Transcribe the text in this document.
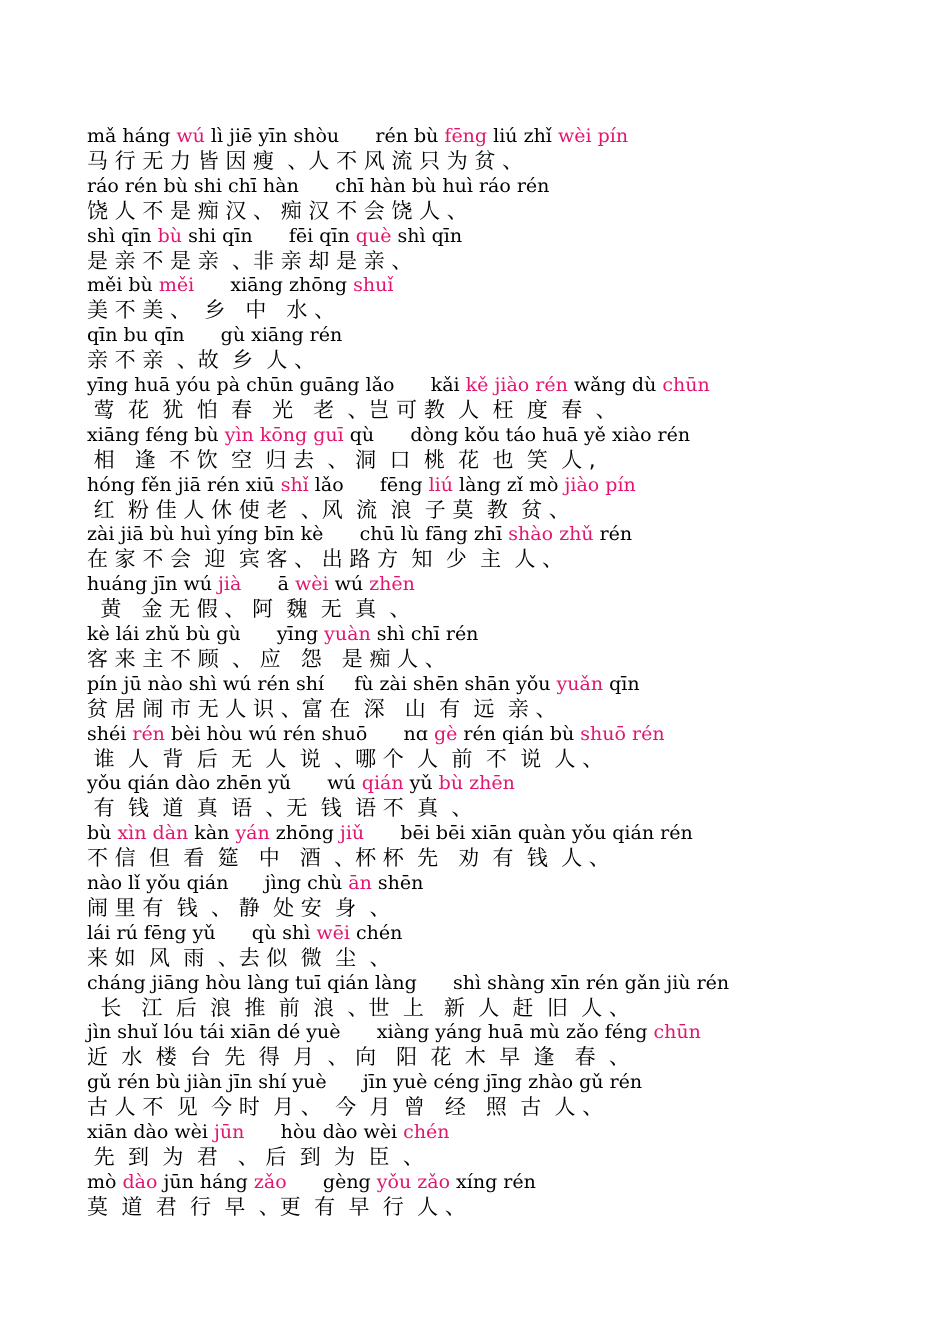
mǎ háng wú lì jiē yīn shòu      rén bù fēng liú zhǐ wèi pín
马 行 无 力 皆 因 瘦  、人 不 风 流 只 为 贫 、
ráo rén bù shi chī hàn      chī hàn bù huì ráo rén
饶 人 不 是 痴 汉 、 痴 汉 不 会 饶 人 、
shì qīn bù shi qīn      fēi qīn què shì qīn
是 亲 不 是 亲  、非 亲 却 是 亲 、
měi bù měi      xiāng zhōng shuǐ
美 不 美 、  乡   中   水 、
qīn bu qīn      gù xiāng rén
亲 不 亲  、故  乡  人 、
yīng huā yóu pà chūn guāng lǎo      kǎi kě jiào rén wǎng dù chūn
莺  花  犹  怕  春   光   老  、岂 可 教  人  枉  度  春  、
xiāng féng bù yìn kōng guī qù      dòng kǒu táo huā yě xiào rén
相   逢  不 饮  空  归 去  、 洞  口  桃  花  也  笑  人 ,
hóng fěn jiā rén xiū shǐ lǎo      fēng liú làng zǐ mò jiào pín
红  粉 佳 人 休 使 老  、风  流  浪  子 莫  教  贫 、
zài jiā bù huì yíng bīn kè      chū lù fāng zhī shào zhǔ rén
在 家 不 会  迎  宾 客 、 出 路 方  知  少  主  人 、
huáng jīn wú jià      ā wèi wú zhēn
黄   金 无 假 、 阿  魏  无  真  、
kè lái zhǔ bù gù      yīng yuàn shì chī rén
客 来 主 不 顾  、 应   怨   是 痴 人 、
pín jū nào shì wú rén shí     fù zài shēn shān yǒu yuǎn qīn
贫 居 闹 市 无 人 识 、富 在  深   山  有  远  亲 、
shéi rén bèi hòu wú rén shuō      nɑ gè rén qián bù shuō rén
谁  人  背  后  无  人  说  、哪 个  人  前  不  说  人 、
yǒu qián dào zhēn yǔ      wú qián yǔ bù zhēn
有  钱  道  真  语  、无  钱  语 不  真  、
bù xìn dàn kàn yán zhōng jiǔ      bēi bēi xiān quàn yǒu qián rén
不 信  但  看  筵   中   酒  、杯 杯  先   劝  有  钱  人 、
nào lǐ yǒu qián      jìng chù ān shēn
闹 里 有  钱  、 静  处 安  身  、
lái rú fēng yǔ      qù shì wēi chén
来 如  风  雨  、去 似  微  尘  、
cháng jiāng hòu làng tuī qián làng      shì shàng xīn rén gǎn jiù rén
长   江  后  浪  推  前  浪  、世  上   新  人  赶  旧  人 、
jìn shuǐ lóu tái xiān dé yuè      xiàng yáng huā mù zǎo féng chūn
近  水  楼  台  先  得  月  、 向   阳  花  木  早  逢   春  、
gǔ rén bù jiàn jīn shí yuè      jīn yuè céng jīng zhào gǔ rén
古 人 不  见  今 时  月 、  今  月  曾   经   照  古  人 、
xiān dào wèi jūn      hòu dào wèi chén
先  到  为  君   、 后  到  为  臣  、
mò dào jūn háng zǎo      gèng yǒu zǎo xíng rén
莫  道  君  行  早  、更  有  早  行  人 、
